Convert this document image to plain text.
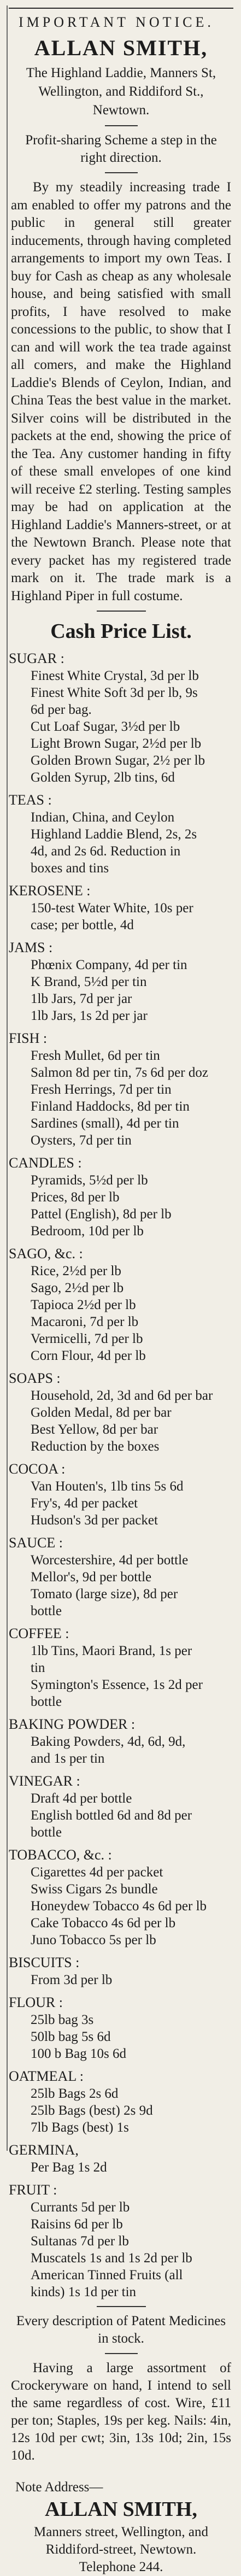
IMPORTANT NOTICE.
ALLAN SMITH,

The Highland Laddie, Manners St,

Wellington, and Riddiford St.,

Newtown.

Profit-sharing Scheme a step in the right direction.

By my steadily increasing trade I am enabled to offer my patrons and the public in general still greater inducements, through having completed arrangements to import my own Teas. I buy for Cash as cheap as any wholesale house, and being satisfied with small profits, I have resolved to make concessions to the public, to show that I can and will work the tea trade against all comers, and make the Highland Laddie's Blends of Ceylon, Indian, and China Teas the best value in the market. Silver coins will be distributed in the packets at the end, showing the price of the Tea. Any customer handing in fifty of these small envelopes of one kind will receive £2 sterling. Testing samples may be had on application at the Highland Laddie's Manners-street, or at the Newtown Branch. Please note that every packet has my registered trade mark on it. The trade mark is a Highland Piper in full costume.

Cash Price List.

SUGAR :

Finest White Crystal, 3d per lb

Finest White Soft 3d per lb, 9s

6d per bag.

Cut Loaf Sugar, 3½d per lb

Light Brown Sugar, 2½d per lb

Golden Brown Sugar, 2½ per lb

Golden Syrup, 2lb tins, 6d

TEAS :

Indian, China, and Ceylon

Highland Laddie Blend, 2s, 2s

4d, and 2s 6d. Reduction in

boxes and tins

KEROSENE :

150-test Water White, 10s per

case; per bottle, 4d

JAMS :

Phœnix Company, 4d per tin

K Brand, 5½d per tin

1lb Jars, 7d per jar

1lb Jars, 1s 2d per jar

FISH :

Fresh Mullet, 6d per tin

Salmon 8d per tin, 7s 6d per doz

Fresh Herrings, 7d per tin

Finland Haddocks, 8d per tin

Sardines (small), 4d per tin

Oysters, 7d per tin

CANDLES :

Pyramids, 5½d per lb

Prices, 8d per lb

Pattel (English), 8d per lb

Bedroom, 10d per lb

SAGO, &c. :

Rice, 2½d per lb

Sago, 2½d per lb

Tapioca 2½d per lb

Macaroni, 7d per lb

Vermicelli, 7d per lb

Corn Flour, 4d per lb

SOAPS :

Household, 2d, 3d and 6d per bar

Golden Medal, 8d per bar

Best Yellow, 8d per bar

Reduction by the boxes

COCOA :

Van Houten's, 1lb tins 5s 6d

Fry's, 4d per packet

Hudson's 3d per packet

SAUCE :

Worcestershire, 4d per bottle

Mellor's, 9d per bottle

Tomato (large size), 8d per

bottle

COFFEE :

1lb Tins, Maori Brand, 1s per

tin

Symington's Essence, 1s 2d per

bottle

BAKING POWDER :

Baking Powders, 4d, 6d, 9d,

and 1s per tin

VINEGAR :

Draft 4d per bottle

English bottled 6d and 8d per

bottle

TOBACCO, &c. :

Cigarettes 4d per packet

Swiss Cigars 2s bundle

Honeydew Tobacco 4s 6d per lb

Cake Tobacco 4s 6d per lb

Juno Tobacco 5s per lb

BISCUITS :

From 3d per lb

FLOUR :

25lb bag 3s

50lb bag 5s 6d

100 b Bag 10s 6d

OATMEAL :

25lb Bags 2s 6d

25lb Bags (best) 2s 9d

7lb Bags (best) 1s

GERMINA,

Per Bag 1s 2d

FRUIT :

Currants 5d per lb

Raisins 6d per lb

Sultanas 7d per lb

Muscatels 1s and 1s 2d per lb

American Tinned Fruits (all

kinds) 1s 1d per tin

Every description of Patent Medicines in stock.

Having a large assortment of Crockeryware on hand, I intend to sell the same regardless of cost. Wire, £11 per ton; Staples, 19s per keg. Nails: 4in, 12s 10d per cwt; 3in, 13s 10d; 2in, 15s 10d.

Note Address—

ALLAN SMITH,

Manners street, Wellington, and

Riddiford-street, Newtown.

Telephone 244.
